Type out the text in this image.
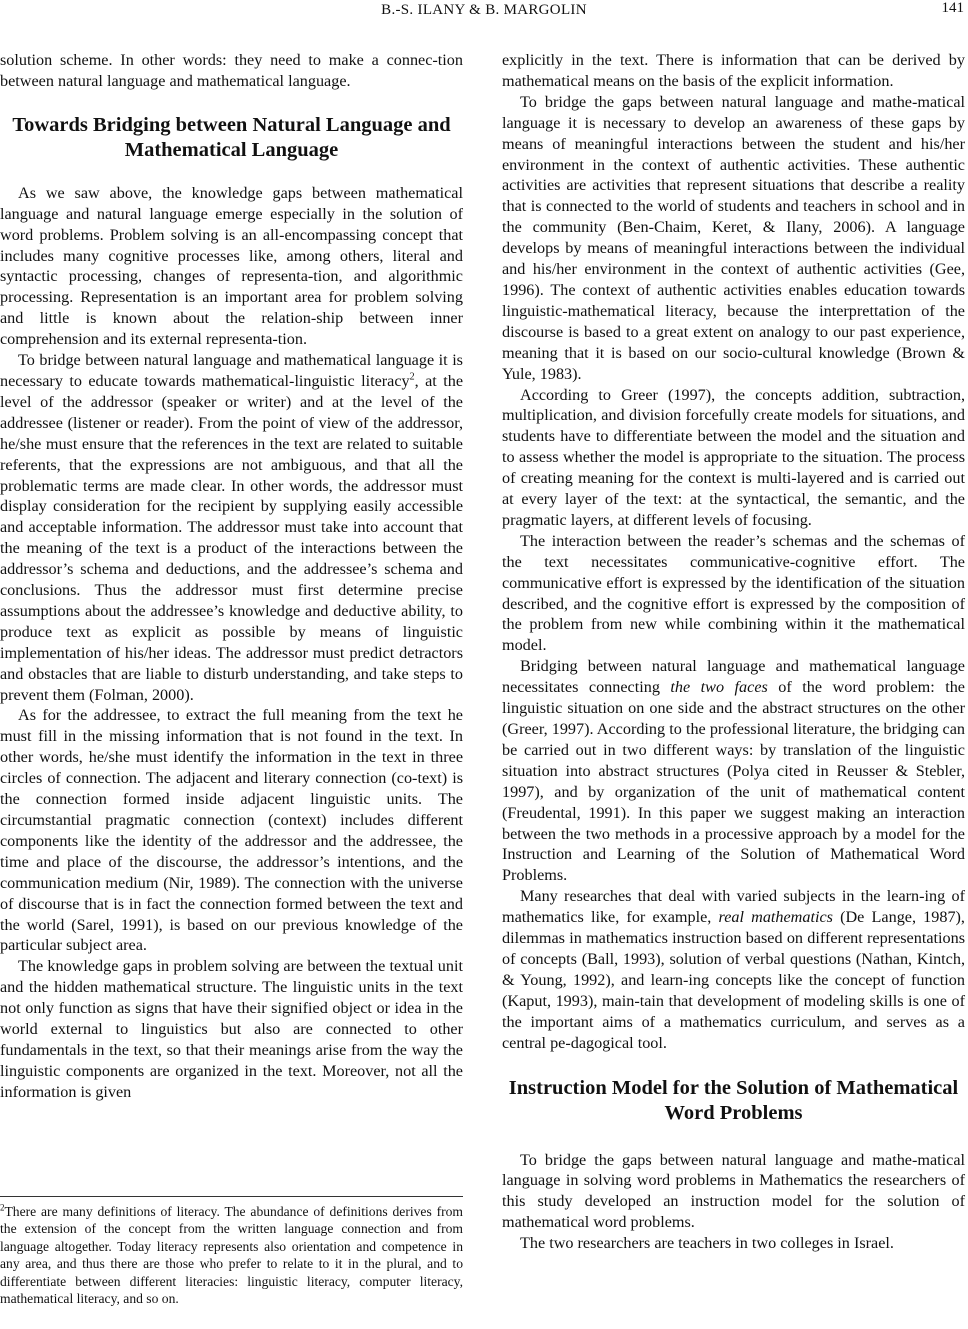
B.-S. ILANY & B. MARGOLIN	141

solution scheme. In other words: they need to make a connec-tion between natural language and mathematical language.

Towards Bridging between Natural Language and Mathematical Language

As we saw above, the knowledge gaps between mathematical language and natural language emerge especially in the solution of word problems. Problem solving is an all-encompassing concept that includes many cognitive processes like, among others, literal and syntactic processing, changes of representa-tion, and algorithmic processing. Representation is an important area for problem solving and little is known about the relation-ship between inner comprehension and its external representa-tion.

To bridge between natural language and mathematical language it is necessary to educate towards mathematical-linguistic literacy$^2$, at the level of the addressor (speaker or writer) and at the level of the addressee (listener or reader). From the point of view of the addressor, he/she must ensure that the references in the text are related to suitable referents, that the expressions are not ambiguous, and that all the problematic terms are made clear. In other words, the addressor must display consideration for the recipient by supplying easily accessible and acceptable information. The addressor must take into account that the meaning of the text is a product of the interactions between the addressor’s schema and deductions, and the addressee’s schema and conclusions. Thus the addressor must first determine precise assumptions about the addressee’s knowledge and deductive ability, to produce text as explicit as possible by means of linguistic implementation of his/her ideas. The addressor must predict detractors and obstacles that are liable to disturb understanding, and take steps to prevent them (Folman, 2000).

As for the addressee, to extract the full meaning from the text he must fill in the missing information that is not found in the text. In other words, he/she must identify the information in the text in three circles of connection. The adjacent and literary connection (co-text) is the connection formed inside adjacent linguistic units. The circumstantial pragmatic connection (context) includes different components like the identity of the addressor and the addressee, the time and place of the discourse, the addressor’s intentions, and the communication medium (Nir, 1989). The connection with the universe of discourse that is in fact the connection formed between the text and the world (Sarel, 1991), is based on our previous knowledge of the particular subject area.

The knowledge gaps in problem solving are between the textual unit and the hidden mathematical structure. The linguistic units in the text not only function as signs that have their signified object or idea in the world external to linguistics but also are connected to other fundamentals in the text, so that their meanings arise from the way the linguistic components are organized in the text. Moreover, not all the information is given

$^2$There are many definitions of literacy. The abundance of definitions derives from the extension of the concept from the written language connection and from language altogether. Today literacy represents also orientation and competence in any area, and thus there are those who prefer to relate to it in the plural, and to differentiate between different literacies: linguistic literacy, computer literacy, mathematical literacy, and so on.

explicitly in the text. There is information that can be derived by mathematical means on the basis of the explicit information.

To bridge the gaps between natural language and mathe-matical language it is necessary to develop an awareness of these gaps by means of meaningful interactions between the student and his/her environment in the context of authentic activities. These authentic activities are activities that represent situations that describe a reality that is connected to the world of students and teachers in school and in the community (Ben-Chaim, Keret, & Ilany, 2006). A language develops by means of meaningful interactions between the individual and his/her environment in the context of authentic activities (Gee, 1996). The context of authentic activities enables education towards linguistic-mathematical literacy, because the interprettation of the discourse is based to a great extent on analogy to our past experience, meaning that it is based on our socio-cultural knowledge (Brown & Yule, 1983).

According to Greer (1997), the concepts addition, subtraction, multiplication, and division forcefully create models for situations, and students have to differentiate between the model and the situation and to assess whether the model is appropriate to the situation. The process of creating meaning for the context is multi-layered and is carried out at every layer of the text: at the syntactical, the semantic, and the pragmatic layers, at different levels of focusing.

The interaction between the reader’s schemas and the schemas of the text necessitates communicative-cognitive effort. The communicative effort is expressed by the identification of the situation described, and the cognitive effort is expressed by the composition of the problem from new while combining within it the mathematical model.

Bridging between natural language and mathematical language necessitates connecting the two faces of the word problem: the linguistic situation on one side and the abstract structures on the other (Greer, 1997). According to the professional literature, the bridging can be carried out in two different ways: by translation of the linguistic situation into abstract structures (Polya cited in Reusser & Stebler, 1997), and by organization of the unit of mathematical content (Freudental, 1991). In this paper we suggest making an interaction between the two methods in a processive approach by a model for the Instruction and Learning of the Solution of Mathematical Word Problems.

Many researches that deal with varied subjects in the learn-ing of mathematics like, for example, real mathematics (De Lange, 1987), dilemmas in mathematics instruction based on different representations of concepts (Ball, 1993), solution of verbal questions (Nathan, Kintch, & Young, 1992), and learn-ing concepts like the concept of function (Kaput, 1993), main-tain that development of modeling skills is one of the important aims of a mathematics curriculum, and serves as a central pe-dagogical tool.

Instruction Model for the Solution of Mathematical Word Problems

To bridge the gaps between natural language and mathe-matical language in solving word problems in Mathematics the researchers of this study developed an instruction model for the solution of mathematical word problems.

The two researchers are teachers in two colleges in Israel.
